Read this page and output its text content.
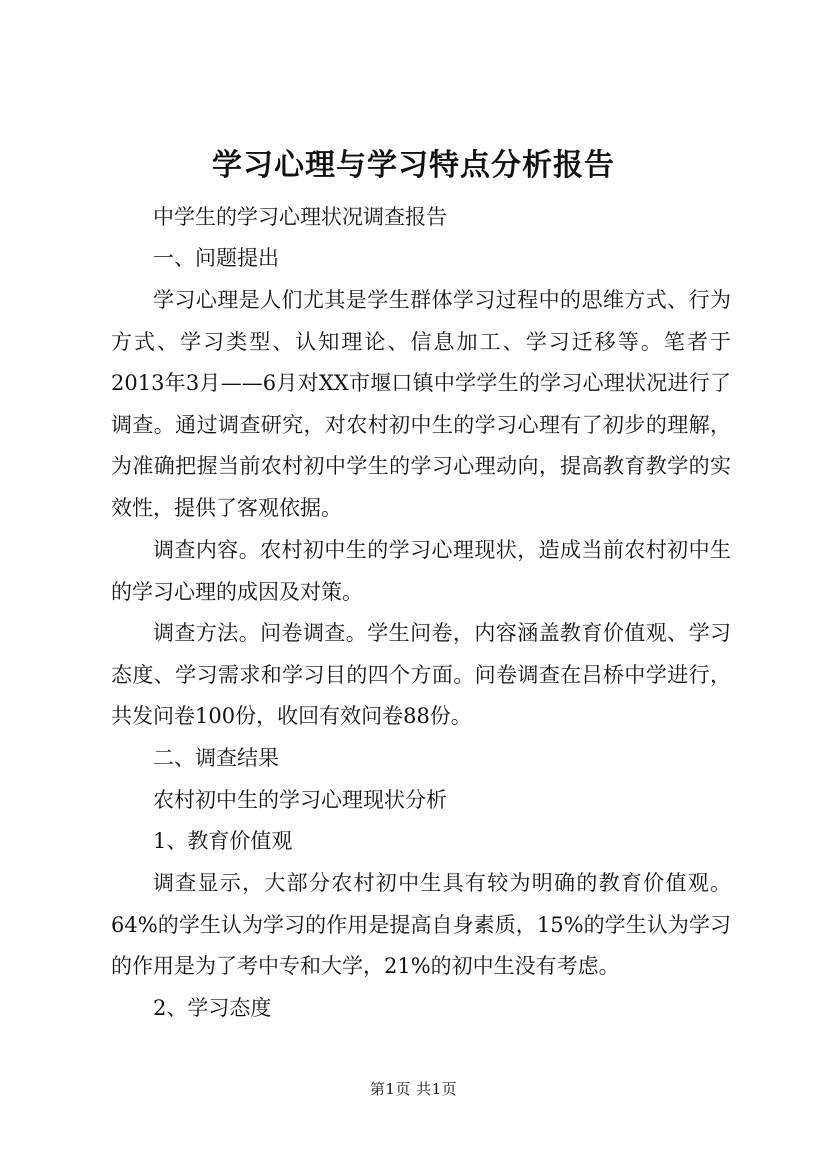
学习心理与学习特点分析报告

中学生的学习心理状况调查报告

一、问题提出

学习心理是人们尤其是学生群体学习过程中的思维方式、行为方式、学习类型、认知理论、信息加工、学习迁移等。笔者于2013年3月——6月对XX市堰口镇中学学生的学习心理状况进行了调查。通过调查研究，对农村初中生的学习心理有了初步的理解，为准确把握当前农村初中学生的学习心理动向，提高教育教学的实效性，提供了客观依据。

调查内容。农村初中生的学习心理现状，造成当前农村初中生的学习心理的成因及对策。

调查方法。问卷调查。学生问卷，内容涵盖教育价值观、学习态度、学习需求和学习目的四个方面。问卷调查在吕桥中学进行，共发问卷100份，收回有效问卷88份。

二、调查结果

农村初中生的学习心理现状分析

1、教育价值观

调查显示，大部分农村初中生具有较为明确的教育价值观。64%的学生认为学习的作用是提高自身素质，15%的学生认为学习的作用是为了考中专和大学，21%的初中生没有考虑。

2、学习态度

第1页 共1页
